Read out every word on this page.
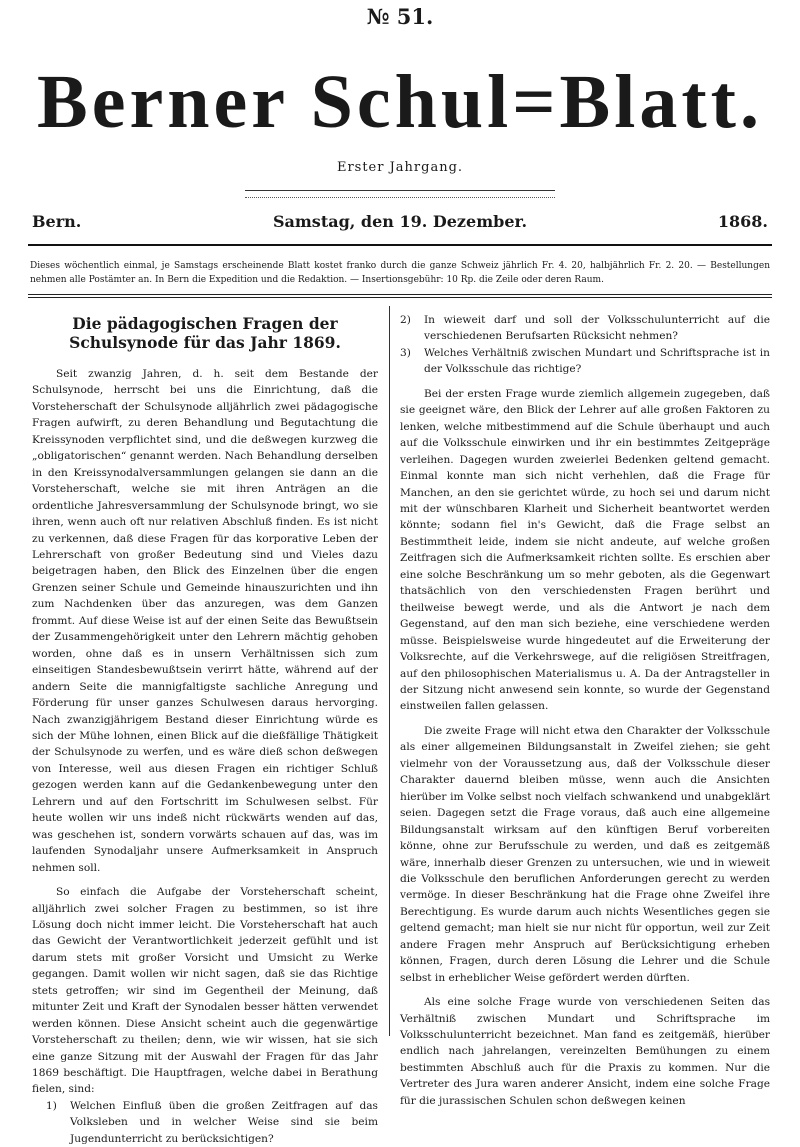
№ 51.
Berner Schul=Blatt.
Erster Jahrgang.
Samstag, den 19. Dezember.
Bern.	1868.
Dieses wöchentlich einmal, je Samstags erscheinende Blatt kostet franko durch die ganze Schweiz jährlich Fr. 4. 20, halbjährlich Fr. 2. 20. — Bestellungen nehmen alle Postämter an. In Bern die Expedition und die Redaktion. — Insertionsgebühr: 10 Rp. die Zeile oder deren Raum.
Die pädagogischen Fragen der Schulsynode für das Jahr 1869.

Seit zwanzig Jahren, d. h. seit dem Bestande der Schulsynode, herrscht bei uns die Einrichtung, daß die Vorsteherschaft der Schulsynode alljährlich zwei pädagogische Fragen aufwirft, zu deren Behandlung und Begutachtung die Kreissynoden verpflichtet sind, und die deßwegen kurzweg die „obligatorischen“ genannt werden. Nach Behandlung derselben in den Kreissynodalversammlungen gelangen sie dann an die Vorsteherschaft, welche sie mit ihren Anträgen an die ordentliche Jahresversammlung der Schulsynode bringt, wo sie ihren, wenn auch oft nur relativen Abschluß finden. Es ist nicht zu verkennen, daß diese Fragen für das korporative Leben der Lehrerschaft von großer Bedeutung sind und Vieles dazu beigetragen haben, den Blick des Einzelnen über die engen Grenzen seiner Schule und Gemeinde hinauszurichten und ihn zum Nachdenken über das anzuregen, was dem Ganzen frommt. Auf diese Weise ist auf der einen Seite das Bewußtsein der Zusammengehörigkeit unter den Lehrern mächtig gehoben worden, ohne daß es in unsern Verhältnissen sich zum einseitigen Standesbewußtsein verirrt hätte, während auf der andern Seite die mannigfaltigste sachliche Anregung und Förderung für unser ganzes Schulwesen daraus hervorging. Nach zwanzigjährigem Bestand dieser Einrichtung würde es sich der Mühe lohnen, einen Blick auf die dießfällige Thätigkeit der Schulsynode zu werfen, und es wäre dieß schon deßwegen von Interesse, weil aus diesen Fragen ein richtiger Schluß gezogen werden kann auf die Gedankenbewegung unter den Lehrern und auf den Fortschritt im Schulwesen selbst. Für heute wollen wir uns indeß nicht rückwärts wenden auf das, was geschehen ist, sondern vorwärts schauen auf das, was im laufenden Synodaljahr unsere Aufmerksamkeit in Anspruch nehmen soll.

So einfach die Aufgabe der Vorsteherschaft scheint, alljährlich zwei solcher Fragen zu bestimmen, so ist ihre Lösung doch nicht immer leicht. Die Vorsteherschaft hat auch das Gewicht der Verantwortlichkeit jederzeit gefühlt und ist darum stets mit großer Vorsicht und Umsicht zu Werke gegangen. Damit wollen wir nicht sagen, daß sie das Richtige stets getroffen; wir sind im Gegentheil der Meinung, daß mitunter Zeit und Kraft der Synodalen besser hätten verwendet werden können. Diese Ansicht scheint auch die gegenwärtige Vorsteherschaft zu theilen; denn, wie wir wissen, hat sie sich eine ganze Sitzung mit der Auswahl der Fragen für das Jahr 1869 beschäftigt. Die Hauptfragen, welche dabei in Berathung fielen, sind:

1)	Welchen Einfluß üben die großen Zeitfragen auf das Volksleben und in welcher Weise sind sie beim Jugendunterricht zu berücksichtigen?
2)	In wieweit darf und soll der Volksschulunterricht auf die verschiedenen Berufsarten Rücksicht nehmen?
3)	Welches Verhältniß zwischen Mundart und Schriftsprache ist in der Volksschule das richtige?

Bei der ersten Frage wurde ziemlich allgemein zugegeben, daß sie geeignet wäre, den Blick der Lehrer auf alle großen Faktoren zu lenken, welche mitbestimmend auf die Schule überhaupt und auch auf die Volksschule einwirken und ihr ein bestimmtes Zeitgepräge verleihen. Dagegen wurden zweierlei Bedenken geltend gemacht. Einmal konnte man sich nicht verhehlen, daß die Frage für Manchen, an den sie gerichtet würde, zu hoch sei und darum nicht mit der wünschbaren Klarheit und Sicherheit beantwortet werden könnte; sodann fiel in's Gewicht, daß die Frage selbst an Bestimmtheit leide, indem sie nicht andeute, auf welche großen Zeitfragen sich die Aufmerksamkeit richten sollte. Es erschien aber eine solche Beschränkung um so mehr geboten, als die Gegenwart thatsächlich von den verschiedensten Fragen berührt und theilweise bewegt werde, und als die Antwort je nach dem Gegenstand, auf den man sich beziehe, eine verschiedene werden müsse. Beispielsweise wurde hingedeutet auf die Erweiterung der Volksrechte, auf die Verkehrswege, auf die religiösen Streitfragen, auf den philosophischen Materialismus u. A. Da der Antragsteller in der Sitzung nicht anwesend sein konnte, so wurde der Gegenstand einstweilen fallen gelassen.

Die zweite Frage will nicht etwa den Charakter der Volksschule als einer allgemeinen Bildungsanstalt in Zweifel ziehen; sie geht vielmehr von der Voraussetzung aus, daß der Volksschule dieser Charakter dauernd bleiben müsse, wenn auch die Ansichten hierüber im Volke selbst noch vielfach schwankend und unabgeklärt seien. Dagegen setzt die Frage voraus, daß auch eine allgemeine Bildungsanstalt wirksam auf den künftigen Beruf vorbereiten könne, ohne zur Berufsschule zu werden, und daß es zeitgemäß wäre, innerhalb dieser Grenzen zu untersuchen, wie und in wieweit die Volksschule den beruflichen Anforderungen gerecht zu werden vermöge. In dieser Beschränkung hat die Frage ohne Zweifel ihre Berechtigung. Es wurde darum auch nichts Wesentliches gegen sie geltend gemacht; man hielt sie nur nicht für opportun, weil zur Zeit andere Fragen mehr Anspruch auf Berücksichtigung erheben können, Fragen, durch deren Lösung die Lehrer und die Schule selbst in erheblicher Weise gefördert werden dürften.

Als eine solche Frage wurde von verschiedenen Seiten das Verhältniß zwischen Mundart und Schriftsprache im Volksschulunterricht bezeichnet. Man fand es zeitgemäß, hierüber endlich nach jahrelangen, vereinzelten Bemühungen zu einem bestimmten Abschluß auch für die Praxis zu kommen. Nur die Vertreter des Jura waren anderer Ansicht, indem eine solche Frage für die jurassischen Schulen schon deßwegen keinen
